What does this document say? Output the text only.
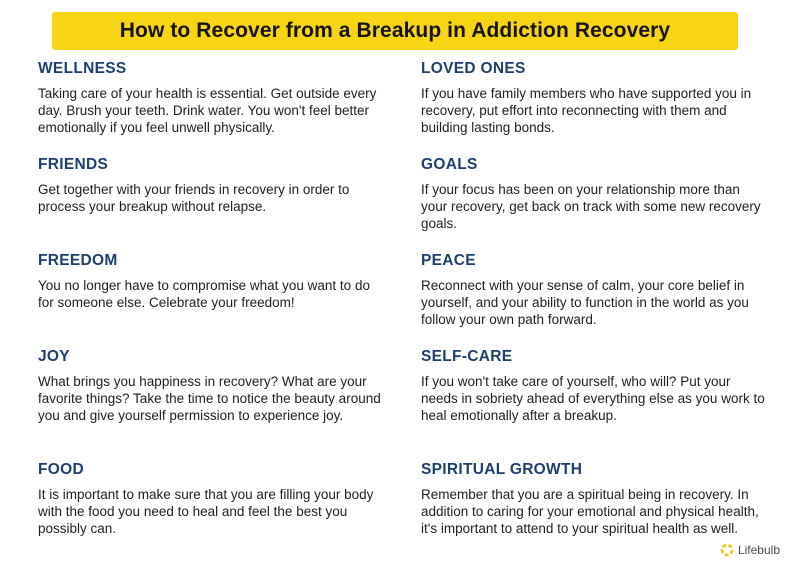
How to Recover from a Breakup in Addiction Recovery
WELLNESS

Taking care of your health is essential. Get outside every day. Brush your teeth. Drink water. You won't feel better emotionally if you feel unwell physically.

FRIENDS

Get together with your friends in recovery in order to process your breakup without relapse.

FREEDOM

You no longer have to compromise what you want to do for someone else. Celebrate your freedom!

JOY

What brings you happiness in recovery? What are your favorite things? Take the time to notice the beauty around you and give yourself permission to experience joy.

FOOD

It is important to make sure that you are filling your body with the food you need to heal and feel the best you possibly can.

LOVED ONES

If you have family members who have supported you in recovery, put effort into reconnecting with them and building lasting bonds.

GOALS

If your focus has been on your relationship more than your recovery, get back on track with some new recovery goals.

PEACE

Reconnect with your sense of calm, your core belief in yourself, and your ability to function in the world as you follow your own path forward.

SELF-CARE

If you won't take care of yourself, who will? Put your needs in sobriety ahead of everything else as you work to heal emotionally after a breakup.

SPIRITUAL GROWTH

Remember that you are a spiritual being in recovery. In addition to caring for your emotional and physical health, it's important to attend to your spiritual health as well.

Lifebulb
